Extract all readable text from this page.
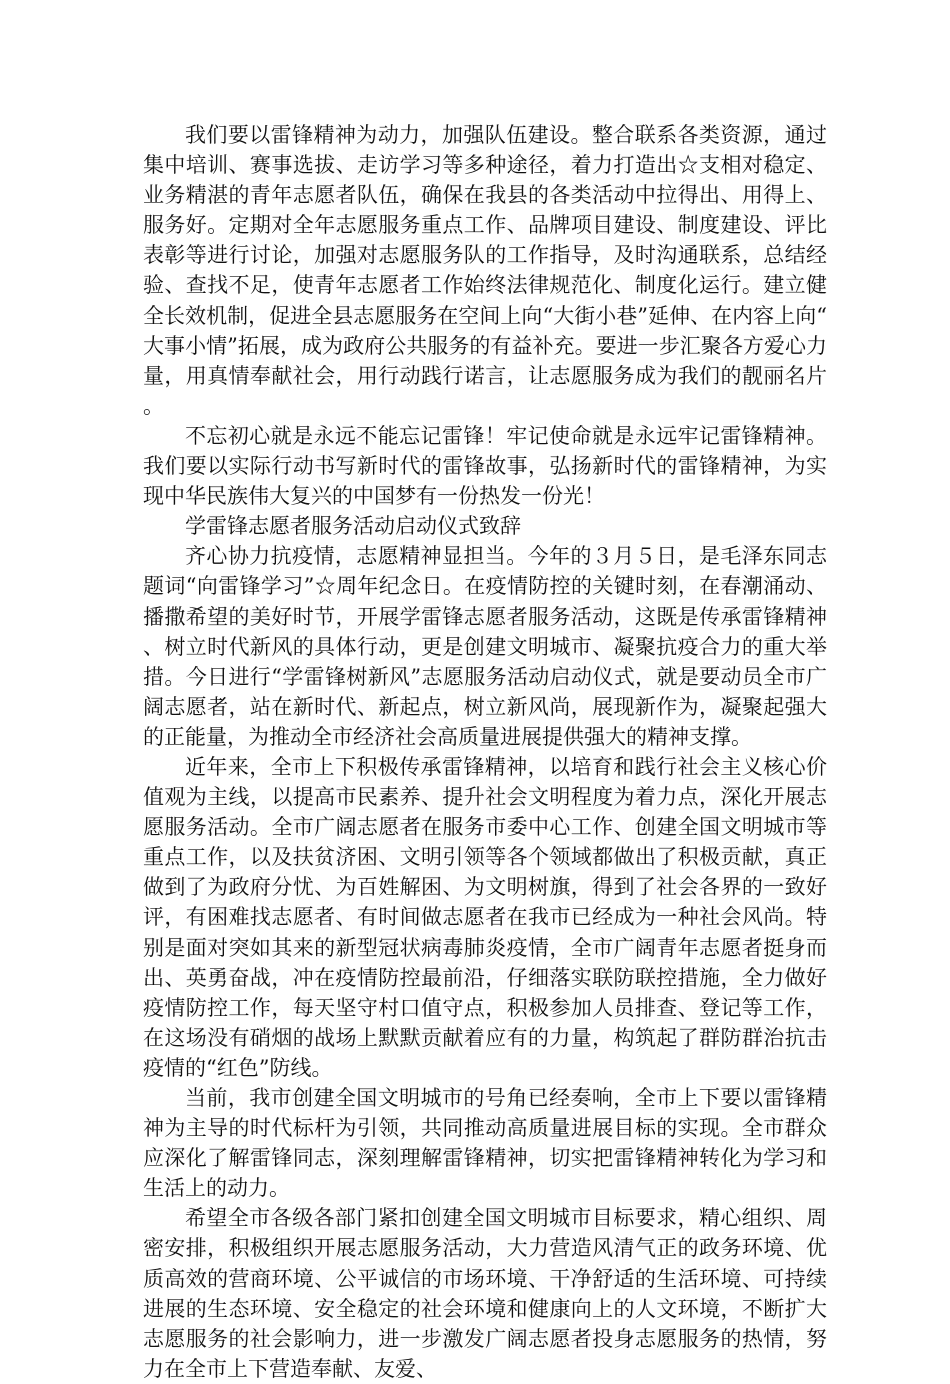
我们要以雷锋精神为动力，加强队伍建设。整合联系各类资源，通过集中培训、赛事选拔、走访学习等多种途径，着力打造出☆支相对稳定、业务精湛的青年志愿者队伍，确保在我县的各类活动中拉得出、用得上、服务好。定期对全年志愿服务重点工作、品牌项目建设、制度建设、评比表彰等进行讨论，加强对志愿服务队的工作指导，及时沟通联系，总结经验、查找不足，使青年志愿者工作始终法律规范化、制度化运行。建立健全长效机制，促进全县志愿服务在空间上向“大街小巷”延伸、在内容上向“大事小情”拓展，成为政府公共服务的有益补充。要进一步汇聚各方爱心力量，用真情奉献社会，用行动践行诺言，让志愿服务成为我们的靓丽名片。

不忘初心就是永远不能忘记雷锋！牢记使命就是永远牢记雷锋精神。我们要以实际行动书写新时代的雷锋故事，弘扬新时代的雷锋精神，为实现中华民族伟大复兴的中国梦有一份热发一份光！

学雷锋志愿者服务活动启动仪式致辞

齐心协力抗疫情，志愿精神显担当。今年的３月５日，是毛泽东同志题词“向雷锋学习”☆周年纪念日。在疫情防控的关键时刻，在春潮涌动、播撒希望的美好时节，开展学雷锋志愿者服务活动，这既是传承雷锋精神、树立时代新风的具体行动，更是创建文明城市、凝聚抗疫合力的重大举措。今日进行“学雷锋树新风”志愿服务活动启动仪式，就是要动员全市广阔志愿者，站在新时代、新起点，树立新风尚，展现新作为，凝聚起强大的正能量，为推动全市经济社会高质量进展提供强大的精神支撑。

近年来，全市上下积极传承雷锋精神，以培育和践行社会主义核心价值观为主线，以提高市民素养、提升社会文明程度为着力点，深化开展志愿服务活动。全市广阔志愿者在服务市委中心工作、创建全国文明城市等重点工作，以及扶贫济困、文明引领等各个领域都做出了积极贡献，真正做到了为政府分忧、为百姓解困、为文明树旗，得到了社会各界的一致好评，有困难找志愿者、有时间做志愿者在我市已经成为一种社会风尚。特别是面对突如其来的新型冠状病毒肺炎疫情，全市广阔青年志愿者挺身而出、英勇奋战，冲在疫情防控最前沿，仔细落实联防联控措施，全力做好疫情防控工作，每天坚守村口值守点，积极参加人员排查、登记等工作，在这场没有硝烟的战场上默默贡献着应有的力量，构筑起了群防群治抗击疫情的“红色”防线。

当前，我市创建全国文明城市的号角已经奏响，全市上下要以雷锋精神为主导的时代标杆为引领，共同推动高质量进展目标的实现。全市群众应深化了解雷锋同志，深刻理解雷锋精神，切实把雷锋精神转化为学习和生活上的动力。

希望全市各级各部门紧扣创建全国文明城市目标要求，精心组织、周密安排，积极组织开展志愿服务活动，大力营造风清气正的政务环境、优质高效的营商环境、公平诚信的市场环境、干净舒适的生活环境、可持续进展的生态环境、安全稳定的社会环境和健康向上的人文环境，不断扩大志愿服务的社会影响力，进一步激发广阔志愿者投身志愿服务的热情，努力在全市上下营造奉献、友爱、
